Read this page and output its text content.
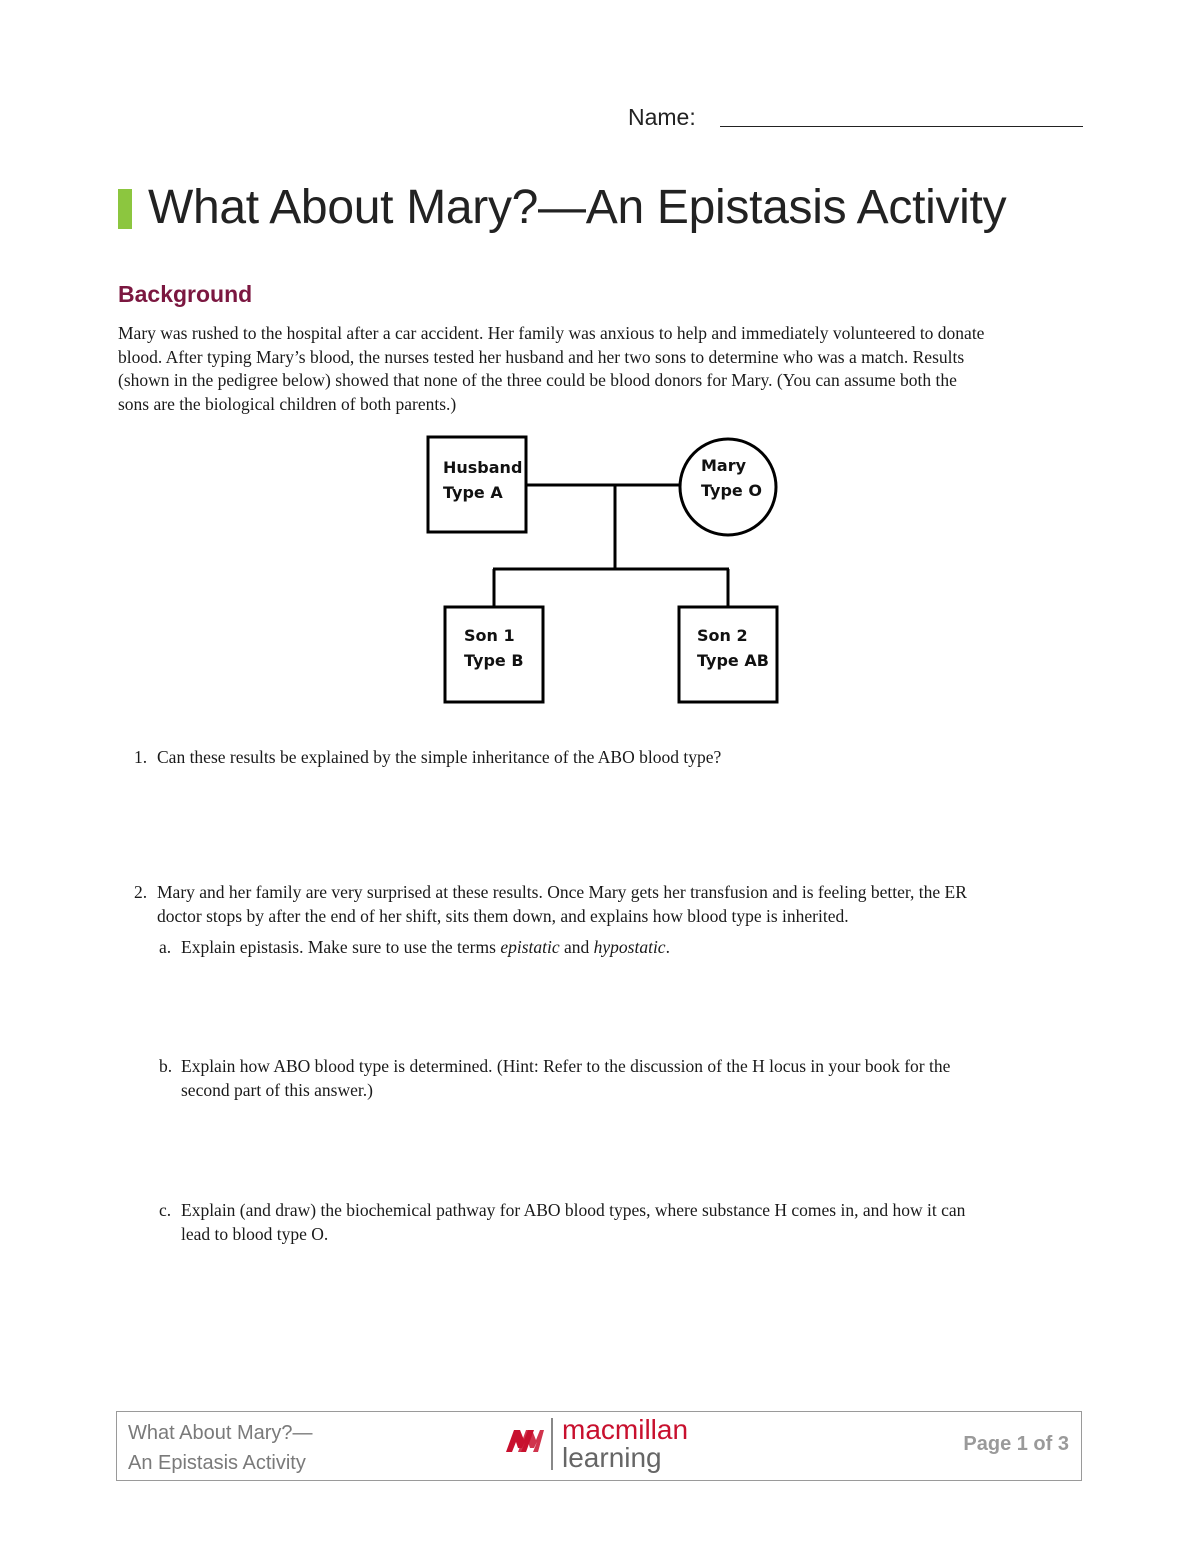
Name:
What About Mary?—An Epistasis Activity
Background
Mary was rushed to the hospital after a car accident. Her family was anxious to help and immediately volunteered to donate
blood. After typing Mary’s blood, the nurses tested her husband and her two sons to determine who was a match. Results
(shown in the pedigree below) showed that none of the three could be blood donors for Mary. (You can assume both the
sons are the biological children of both parents.)
Husband
Type A
Mary
Type O
Son 1
Type B
Son 2
Type AB
1. Can these results be explained by the simple inheritance of the ABO blood type?
2. Mary and her family are very surprised at these results. Once Mary gets her transfusion and is feeling better, the ER
doctor stops by after the end of her shift, sits them down, and explains how blood type is inherited.
a. Explain epistasis. Make sure to use the terms epistatic and hypostatic.
b. Explain how ABO blood type is determined. (Hint: Refer to the discussion of the H locus in your book for the
second part of this answer.)
c. Explain (and draw) the biochemical pathway for ABO blood types, where substance H comes in, and how it can
lead to blood type O.
What About Mary?—
An Epistasis Activity
macmillan
learning	Page 1 of 3
